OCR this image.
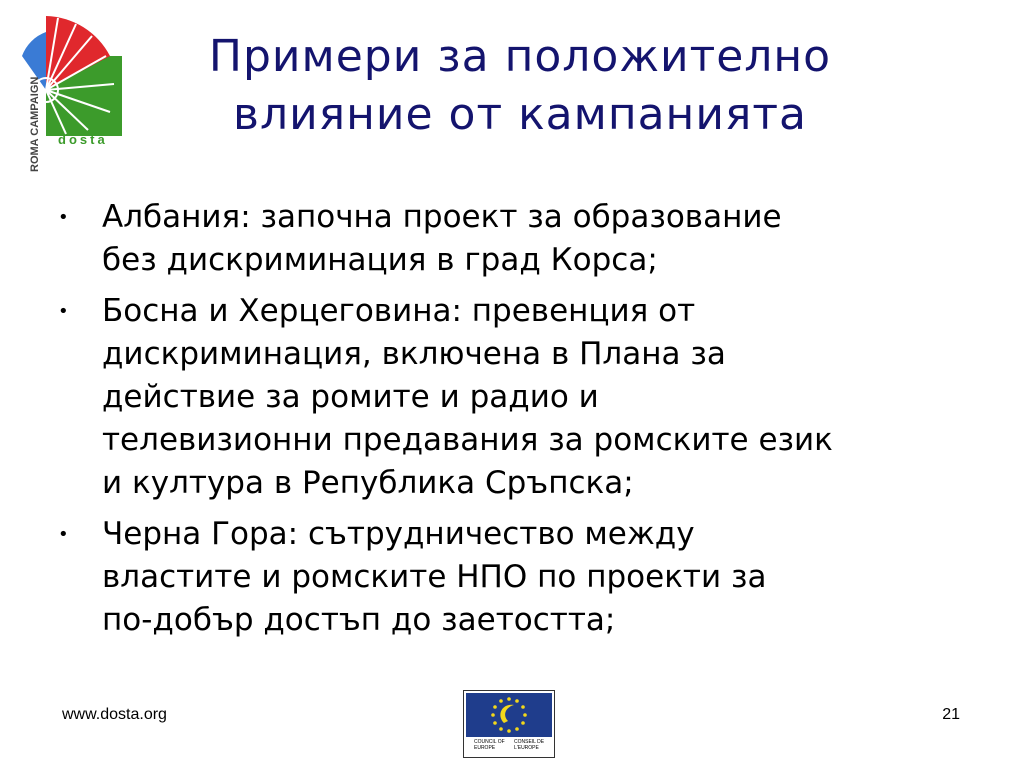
ROMA CAMPAIGN dosta
Примери за положително
влияние от кампанията
• Албания: започна проект за образование
без дискриминация в град Корса;
• Босна и Херцеговина: превенция от
дискриминация, включена в Плана за
действие за ромите и радио и
телевизионни предавания за ромските език
и култура в Република Сръпска;
• Черна Гора: сътрудничество между
властите и ромските НПО по проекти за
по-добър достъп до заетостта;
www.dosta.org
COUNCIL OF EUROPE
CONSEIL DE L'EUROPE
21
